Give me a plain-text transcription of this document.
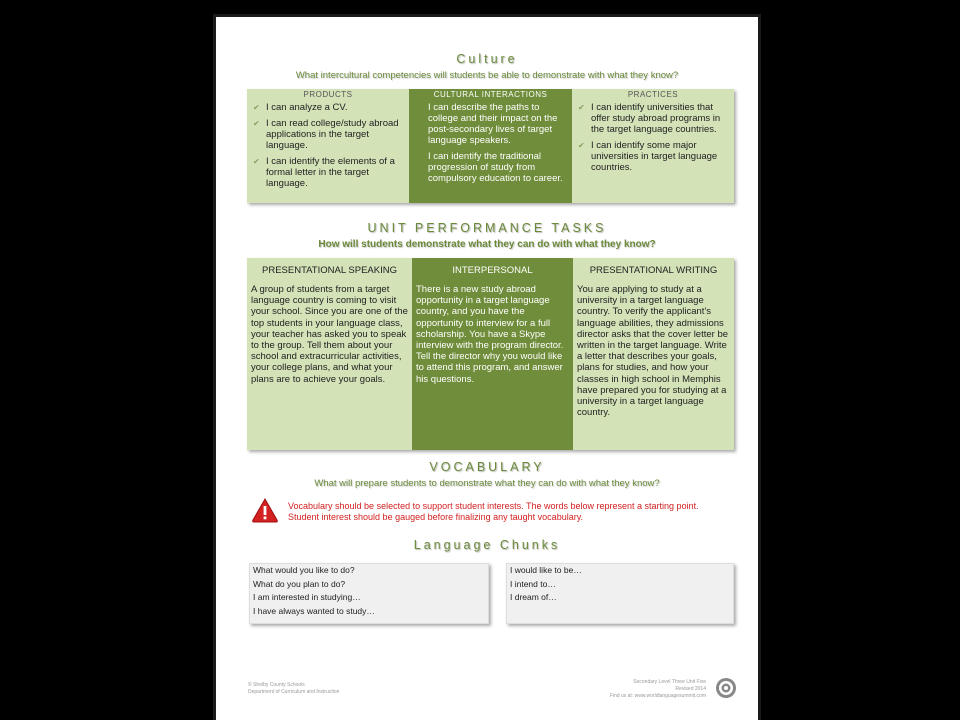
Culture
What intercultural competencies will students be able to demonstrate with what they know?
PRODUCTS
✔ I can analyze a CV.
✔ I can read college/study abroad applications in the target language.
✔ I can identify the elements of a formal letter in the target language.
CULTURAL INTERACTIONS
I can describe the paths to college and their impact on the post-secondary lives of target language speakers.
I can identify the traditional progression of study from compulsory education to career.
PRACTICES
✔ I can identify universities that offer study abroad programs in the target language countries.
✔ I can identify some major universities in target language countries.
UNIT PERFORMANCE TASKS
How will students demonstrate what they can do with what they know?
PRESENTATIONAL SPEAKING
A group of students from a target language country is coming to visit your school. Since you are one of the top students in your language class, your teacher has asked you to speak to the group. Tell them about your school and extracurricular activities, your college plans, and what your plans are to achieve your goals.
INTERPERSONAL
There is a new study abroad opportunity in a target language country, and you have the opportunity to interview for a full scholarship. You have a Skype interview with the program director. Tell the director why you would like to attend this program, and answer his questions.
PRESENTATIONAL WRITING
You are applying to study at a university in a target language country. To verify the applicant's language abilities, they admissions director asks that the cover letter be written in the target language. Write a letter that describes your goals, plans for studies, and how your classes in high school in Memphis have prepared you for studying at a university in a target language country.
VOCABULARY
What will prepare students to demonstrate what they can do with what they know?
Vocabulary should be selected to support student interests. The words below represent a starting point. Student interest should be gauged before finalizing any taught vocabulary.
Language Chunks
What would you like to do?
What do you plan to do?
I am interested in studying…
I have always wanted to study…
I would like to be…
I intend to…
I dream of…
© Shelby County Schools
Department of Curriculum and Instruction
Secondary Level Three Unit Five
Revised 2014
Find us at: www.worldlanguagesummit.com
